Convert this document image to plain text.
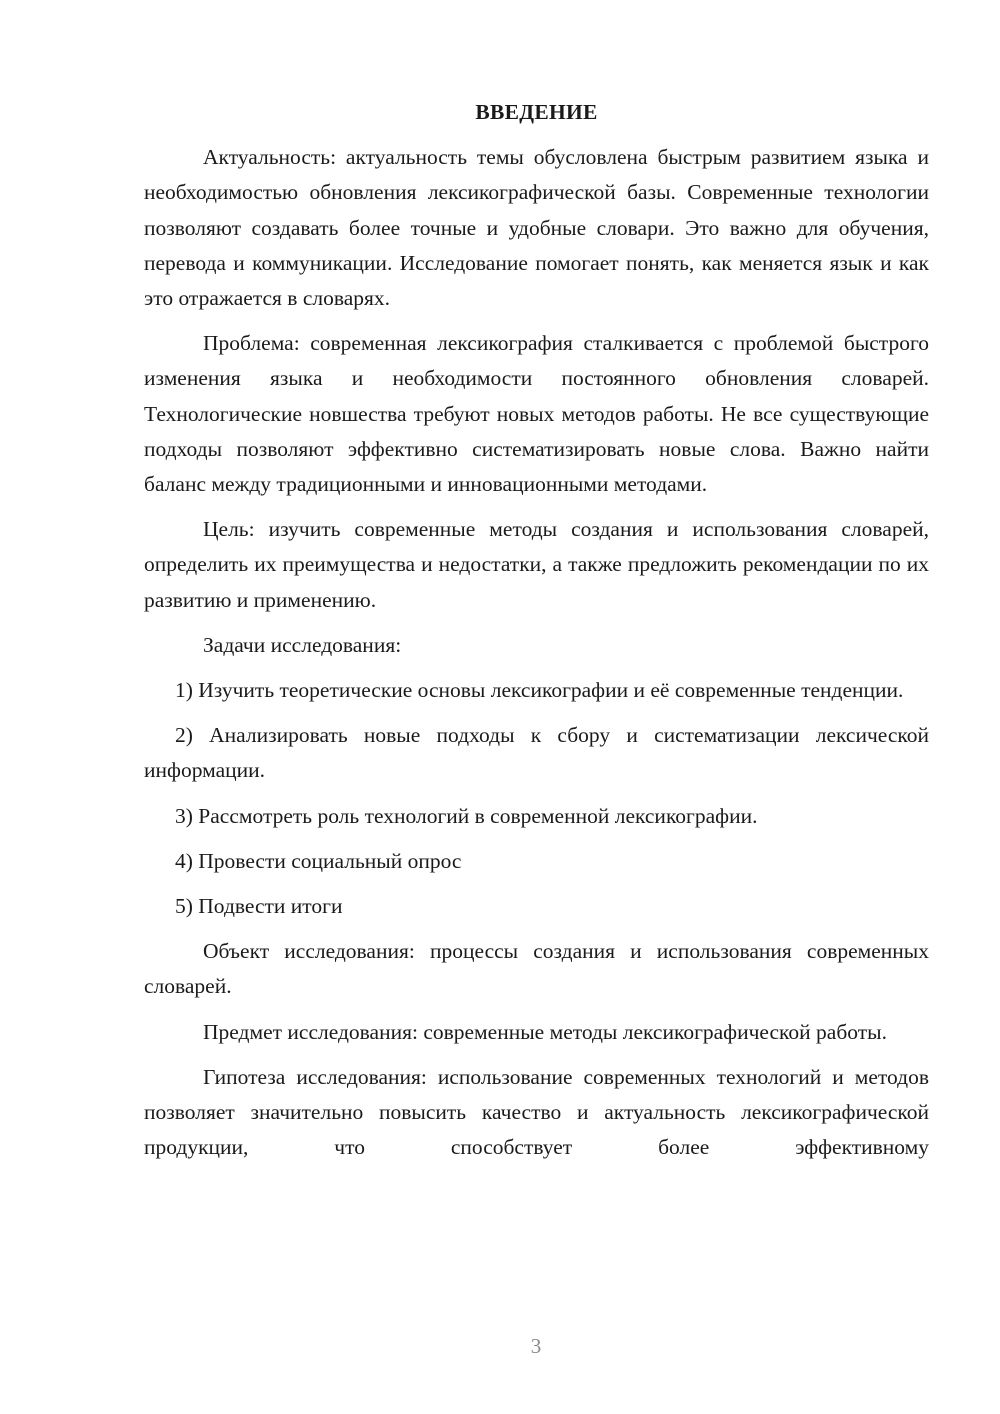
ВВЕДЕНИЕ

Актуальность: актуальность темы обусловлена быстрым развитием языка и необходимостью обновления лексикографической базы. Современные технологии позволяют создавать более точные и удобные словари. Это важно для обучения, перевода и коммуникации. Исследование помогает понять, как меняется язык и как это отражается в словарях.

Проблема: современная лексикография сталкивается с проблемой быстрого изменения языка и необходимости постоянного обновления словарей. Технологические новшества требуют новых методов работы. Не все существующие подходы позволяют эффективно систематизировать новые слова. Важно найти баланс между традиционными и инновационными методами.

Цель: изучить современные методы создания и использования словарей, определить их преимущества и недостатки, а также предложить рекомендации по их развитию и применению.

Задачи исследования:

1) Изучить теоретические основы лексикографии и её современные тенденции.

2) Анализировать новые подходы к сбору и систематизации лексической информации.

3) Рассмотреть роль технологий в современной лексикографии.

4) Провести социальный опрос

5) Подвести итоги

Объект исследования: процессы создания и использования современных словарей.

Предмет исследования: современные методы лексикографической работы.

Гипотеза исследования: использование современных технологий и методов позволяет значительно повысить качество и актуальность лексикографической продукции, что способствует более эффективному

3
